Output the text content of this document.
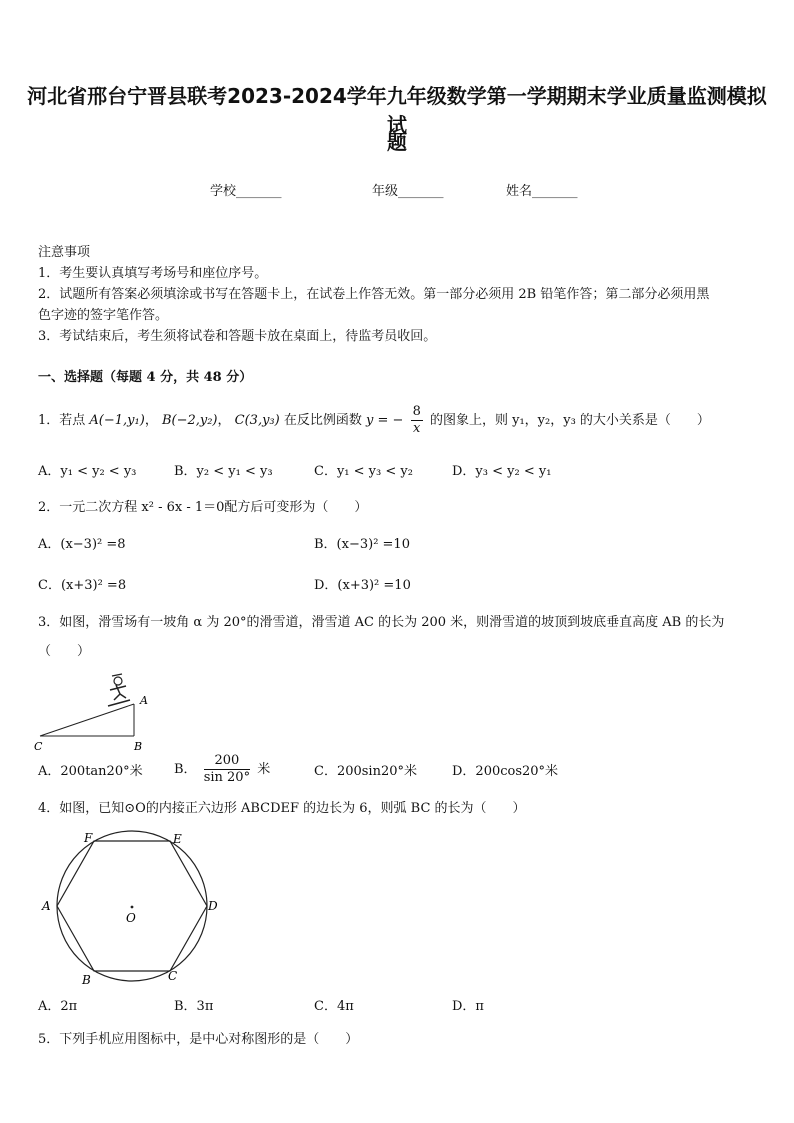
河北省邢台宁晋县联考2023-2024学年九年级数学第一学期期末学业质量监测模拟试
题
学校_______	年级_______	姓名_______
注意事项
1．考生要认真填写考场号和座位序号。
2．试题所有答案必须填涂或书写在答题卡上，在试卷上作答无效。第一部分必须用 2B 铅笔作答；第二部分必须用黑
色字迹的签字笔作答。
3．考试结束后，考生须将试卷和答题卡放在桌面上，待监考员收回。
一、选择题（每题 4 分，共 48 分）
1．若点 A(−1,y₁)， B(−2,y₂)， C(3,y₃) 在反比例函数 y = − $\frac{8}{x}$ 的图象上，则 y₁，y₂，y₃ 的大小关系是（　　）
A．y₁ < y₂ < y₃	B．y₂ < y₁ < y₃	C．y₁ < y₃ < y₂	D．y₃ < y₂ < y₁
2．一元二次方程 x² - 6x - 1＝0配方后可变形为（　　）
A．(x−3)² =8	B．(x−3)² =10
C．(x+3)² =8	D．(x+3)² =10
3．如图，滑雪场有一坡角 α 为 20°的滑雪道，滑雪道 AC 的长为 200 米，则滑雪道的坡顶到坡底垂直高度 AB 的长为
（　　）
A
C	B
A．200tan20°米 B． $\frac{200}{\sin 20^\circ}$ 米	C．200sin20°米	D．200cos20°米
4．如图，已知⊙O的内接正六边形 ABCDEF 的边长为 6，则弧 BC 的长为（　　）
O
A
B	C
D
E
F
A．2π	B．3π	C．4π	D．π
5．下列手机应用图标中，是中心对称图形的是（　　）
